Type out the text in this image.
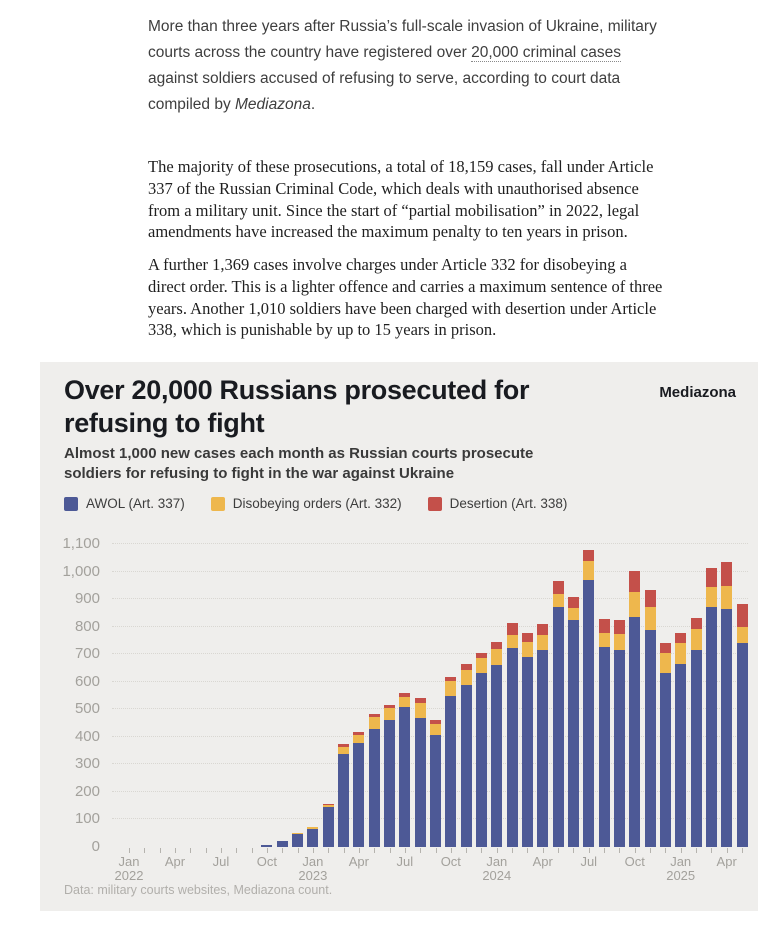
More than three years after Russia’s full-scale invasion of Ukraine, military courts across the country have registered over 20,000 criminal cases against soldiers accused of refusing to serve, according to court data compiled by Mediazona.

The majority of these prosecutions, a total of 18,159 cases, fall under Article 337 of the Russian Criminal Code, which deals with unauthorised absence from a military unit. Since the start of “partial mobilisation” in 2022, legal amendments have increased the maximum penalty to ten years in prison.

A further 1,369 cases involve charges under Article 332 for disobeying a direct order. This is a lighter offence and carries a maximum sentence of three years. Another 1,010 soldiers have been charged with desertion under Article 338, which is punishable by up to 15 years in prison.

Over 20,000 Russians prosecuted for refusing to fight
Mediazona

Almost 1,000 new cases each month as Russian courts prosecute soldiers for refusing to fight in the war against Ukraine

AWOL (Art. 337)	Disobeying orders (Art. 332)	Desertion (Art. 338)
0
100
200
300
400
500
600
700
800
900
1,000
1,100
Jan
2022
Apr	Jul	Oct	Jan
2023
Apr	Jul	Oct	Jan
2024
Apr	Jul	Oct	Jan
2025
Apr

Data: military courts websites, Mediazona count.
